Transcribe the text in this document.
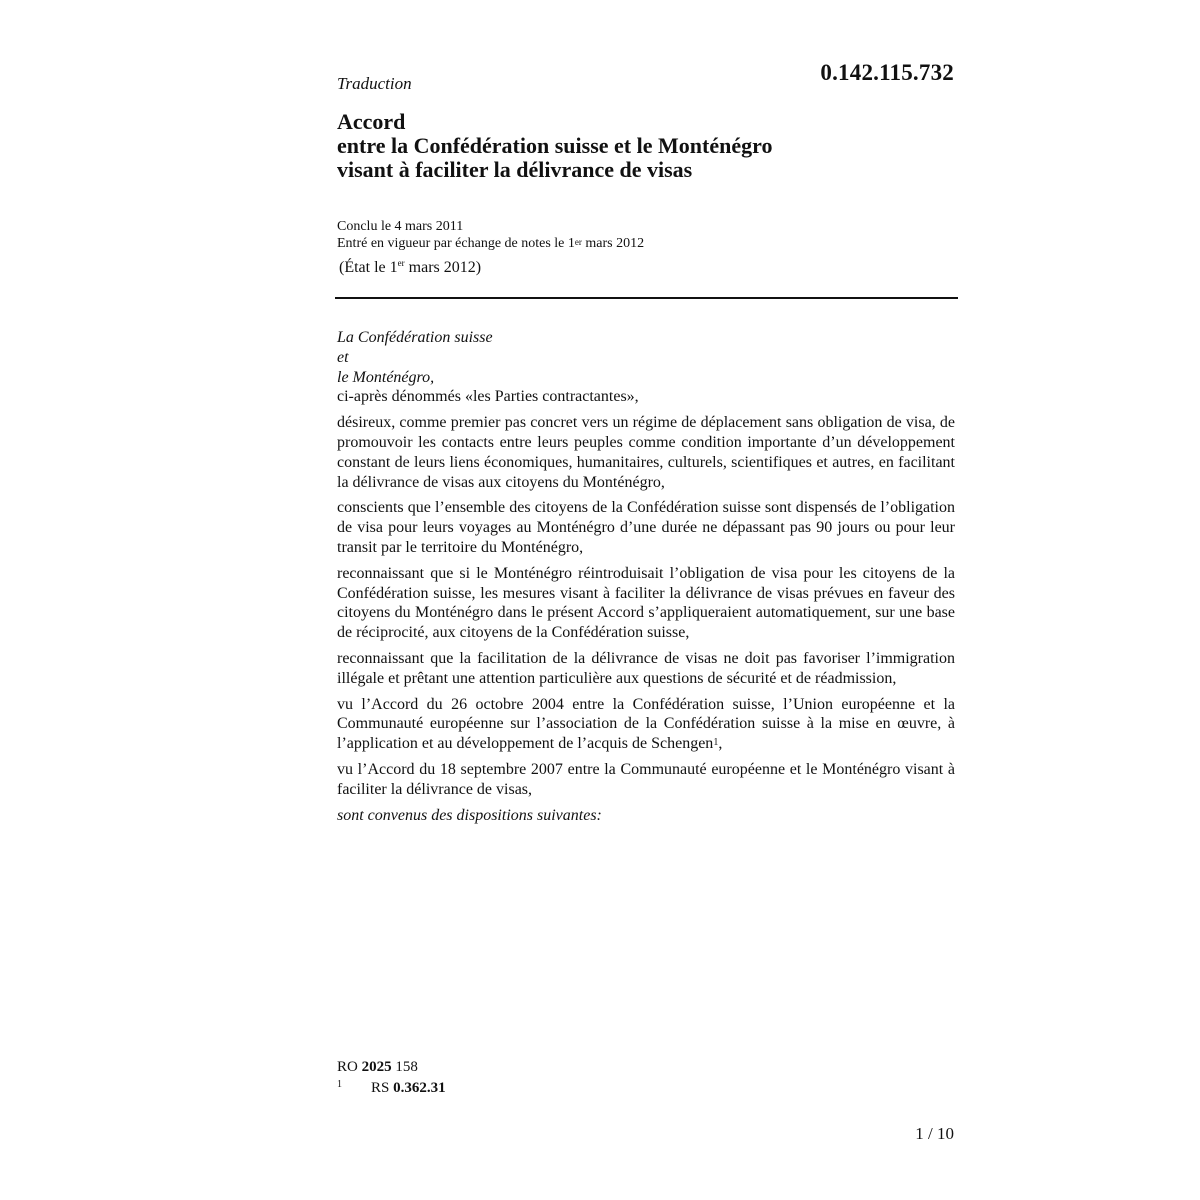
0.142.115.732
Traduction
Accord
entre la Confédération suisse et le Monténégro
visant à faciliter la délivrance de visas
Conclu le 4 mars 2011
Entré en vigueur par échange de notes le 1er mars 2012
(État le 1er mars 2012)
La Confédération suisse
et
le Monténégro,
ci-après dénommés «les Parties contractantes»,
désireux, comme premier pas concret vers un régime de déplacement sans obligation de visa, de promouvoir les contacts entre leurs peuples comme condition importante d’un développement constant de leurs liens économiques, humanitaires, culturels, scientifiques et autres, en facilitant la délivrance de visas aux citoyens du Monténégro,
conscients que l’ensemble des citoyens de la Confédération suisse sont dispensés de l’obligation de visa pour leurs voyages au Monténégro d’une durée ne dépassant pas 90 jours ou pour leur transit par le territoire du Monténégro,
reconnaissant que si le Monténégro réintroduisait l’obligation de visa pour les citoyens de la Confédération suisse, les mesures visant à faciliter la délivrance de visas prévues en faveur des citoyens du Monténégro dans le présent Accord s’appliqueraient automatiquement, sur une base de réciprocité, aux citoyens de la Confédération suisse,
reconnaissant que la facilitation de la délivrance de visas ne doit pas favoriser l’immigration illégale et prêtant une attention particulière aux questions de sécurité et de réadmission,
vu l’Accord du 26 octobre 2004 entre la Confédération suisse, l’Union européenne et la Communauté européenne sur l’association de la Confédération suisse à la mise en œuvre, à l’application et au développement de l’acquis de Schengen$^1$,
vu l’Accord du 18 septembre 2007 entre la Communauté européenne et le Monténégro visant à faciliter la délivrance de visas,
sont convenus des dispositions suivantes:
RO 2025 158
1 RS 0.362.31
1 / 10
